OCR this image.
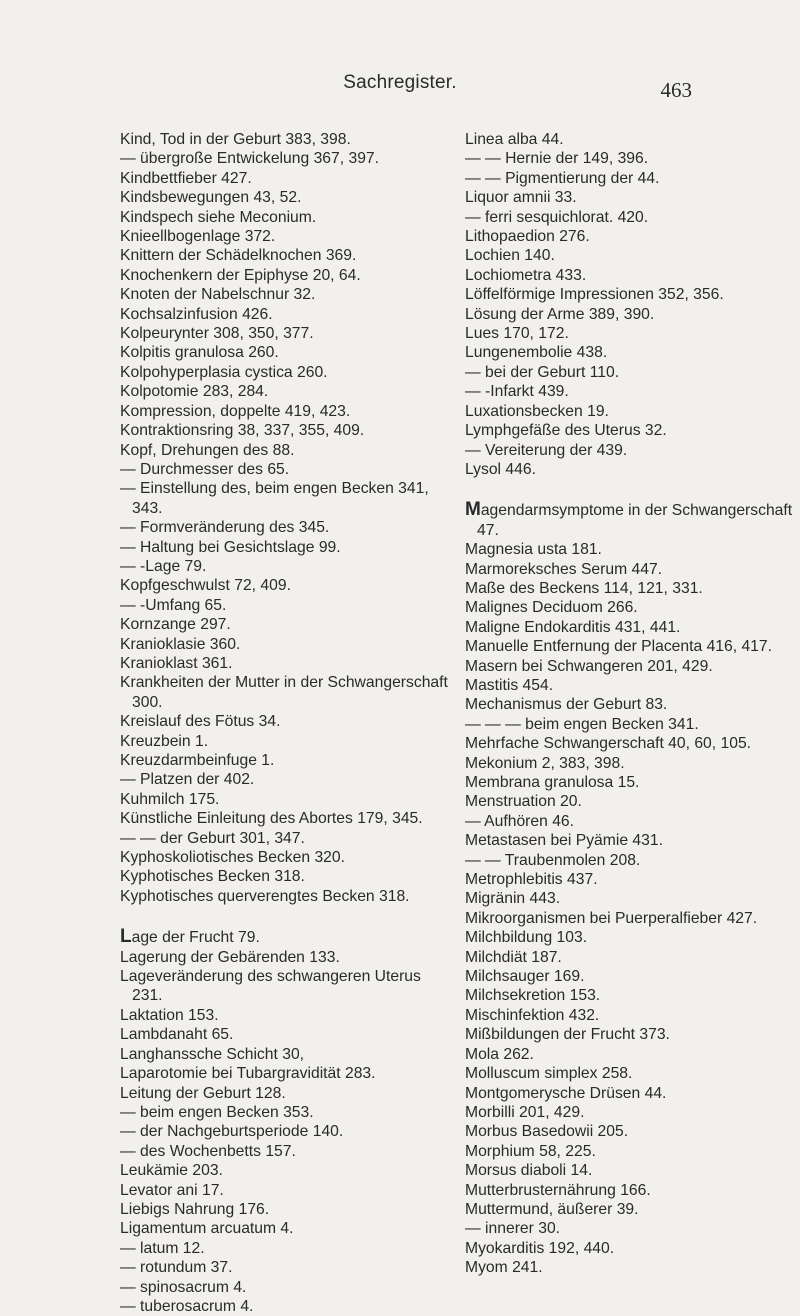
Sachregister.	463
Kind, Tod in der Geburt 383, 398.
— übergroße Entwickelung 367, 397.
Kindbettfieber 427.
Kindsbewegungen 43, 52.
Kindspech siehe Meconium.
Knieellbogenlage 372.
Knittern der Schädelknochen 369.
Knochenkern der Epiphyse 20, 64.
Knoten der Nabelschnur 32.
Kochsalzinfusion 426.
Kolpeurynter 308, 350, 377.
Kolpitis granulosa 260.
Kolpohyperplasia cystica 260.
Kolpotomie 283, 284.
Kompression, doppelte 419, 423.
Kontraktionsring 38, 337, 355, 409.
Kopf, Drehungen des 88.
— Durchmesser des 65.
— Einstellung des, beim engen Becken 341, 343.
— Formveränderung des 345.
— Haltung bei Gesichtslage 99.
— -Lage 79.
Kopfgeschwulst 72, 409.
— -Umfang 65.
Kornzange 297.
Kranioklasie 360.
Kranioklast 361.
Krankheiten der Mutter in der Schwangerschaft 300.
Kreislauf des Fötus 34.
Kreuzbein 1.
Kreuzdarmbeinfuge 1.
— Platzen der 402.
Kuhmilch 175.
Künstliche Einleitung des Abortes 179, 345.
— — der Geburt 301, 347.
Kyphoskoliotisches Becken 320.
Kyphotisches Becken 318.
Kyphotisches querverengtes Becken 318.
Lage der Frucht 79.
Lagerung der Gebärenden 133.
Lageveränderung des schwangeren Uterus 231.
Laktation 153.
Lambdanaht 65.
Langhanssche Schicht 30,
Laparotomie bei Tubargravidität 283.
Leitung der Geburt 128.
— beim engen Becken 353.
— der Nachgeburtsperiode 140.
— des Wochenbetts 157.
Leukämie 203.
Levator ani 17.
Liebigs Nahrung 176.
Ligamentum arcuatum 4.
— latum 12.
— rotundum 37.
— spinosacrum 4.
— tuberosacrum 4.
Linea alba 44.
— — Hernie der 149, 396.
— — Pigmentierung der 44.
Liquor amnii 33.
— ferri sesquichlorat. 420.
Lithopaedion 276.
Lochien 140.
Lochiometra 433.
Löffelförmige Impressionen 352, 356.
Lösung der Arme 389, 390.
Lues 170, 172.
Lungenembolie 438.
— bei der Geburt 110.
— -Infarkt 439.
Luxationsbecken 19.
Lymphgefäße des Uterus 32.
— Vereiterung der 439.
Lysol 446.
Magendarmsymptome in der Schwangerschaft 47.
Magnesia usta 181.
Marmoreksches Serum 447.
Maße des Beckens 114, 121, 331.
Malignes Deciduom 266.
Maligne Endokarditis 431, 441.
Manuelle Entfernung der Placenta 416, 417.
Masern bei Schwangeren 201, 429.
Mastitis 454.
Mechanismus der Geburt 83.
— — — beim engen Becken 341.
Mehrfache Schwangerschaft 40, 60, 105.
Mekonium 2, 383, 398.
Membrana granulosa 15.
Menstruation 20.
— Aufhören 46.
Metastasen bei Pyämie 431.
— — Traubenmolen 208.
Metrophlebitis 437.
Migränin 443.
Mikroorganismen bei Puerperalfieber 427.
Milchbildung 103.
Milchdiät 187.
Milchsauger 169.
Milchsekretion 153.
Mischinfektion 432.
Mißbildungen der Frucht 373.
Mola 262.
Molluscum simplex 258.
Montgomerysche Drüsen 44.
Morbilli 201, 429.
Morbus Basedowii 205.
Morphium 58, 225.
Morsus diaboli 14.
Mutterbrusternährung 166.
Muttermund, äußerer 39.
— innerer 30.
Myokarditis 192, 440.
Myom 241.
